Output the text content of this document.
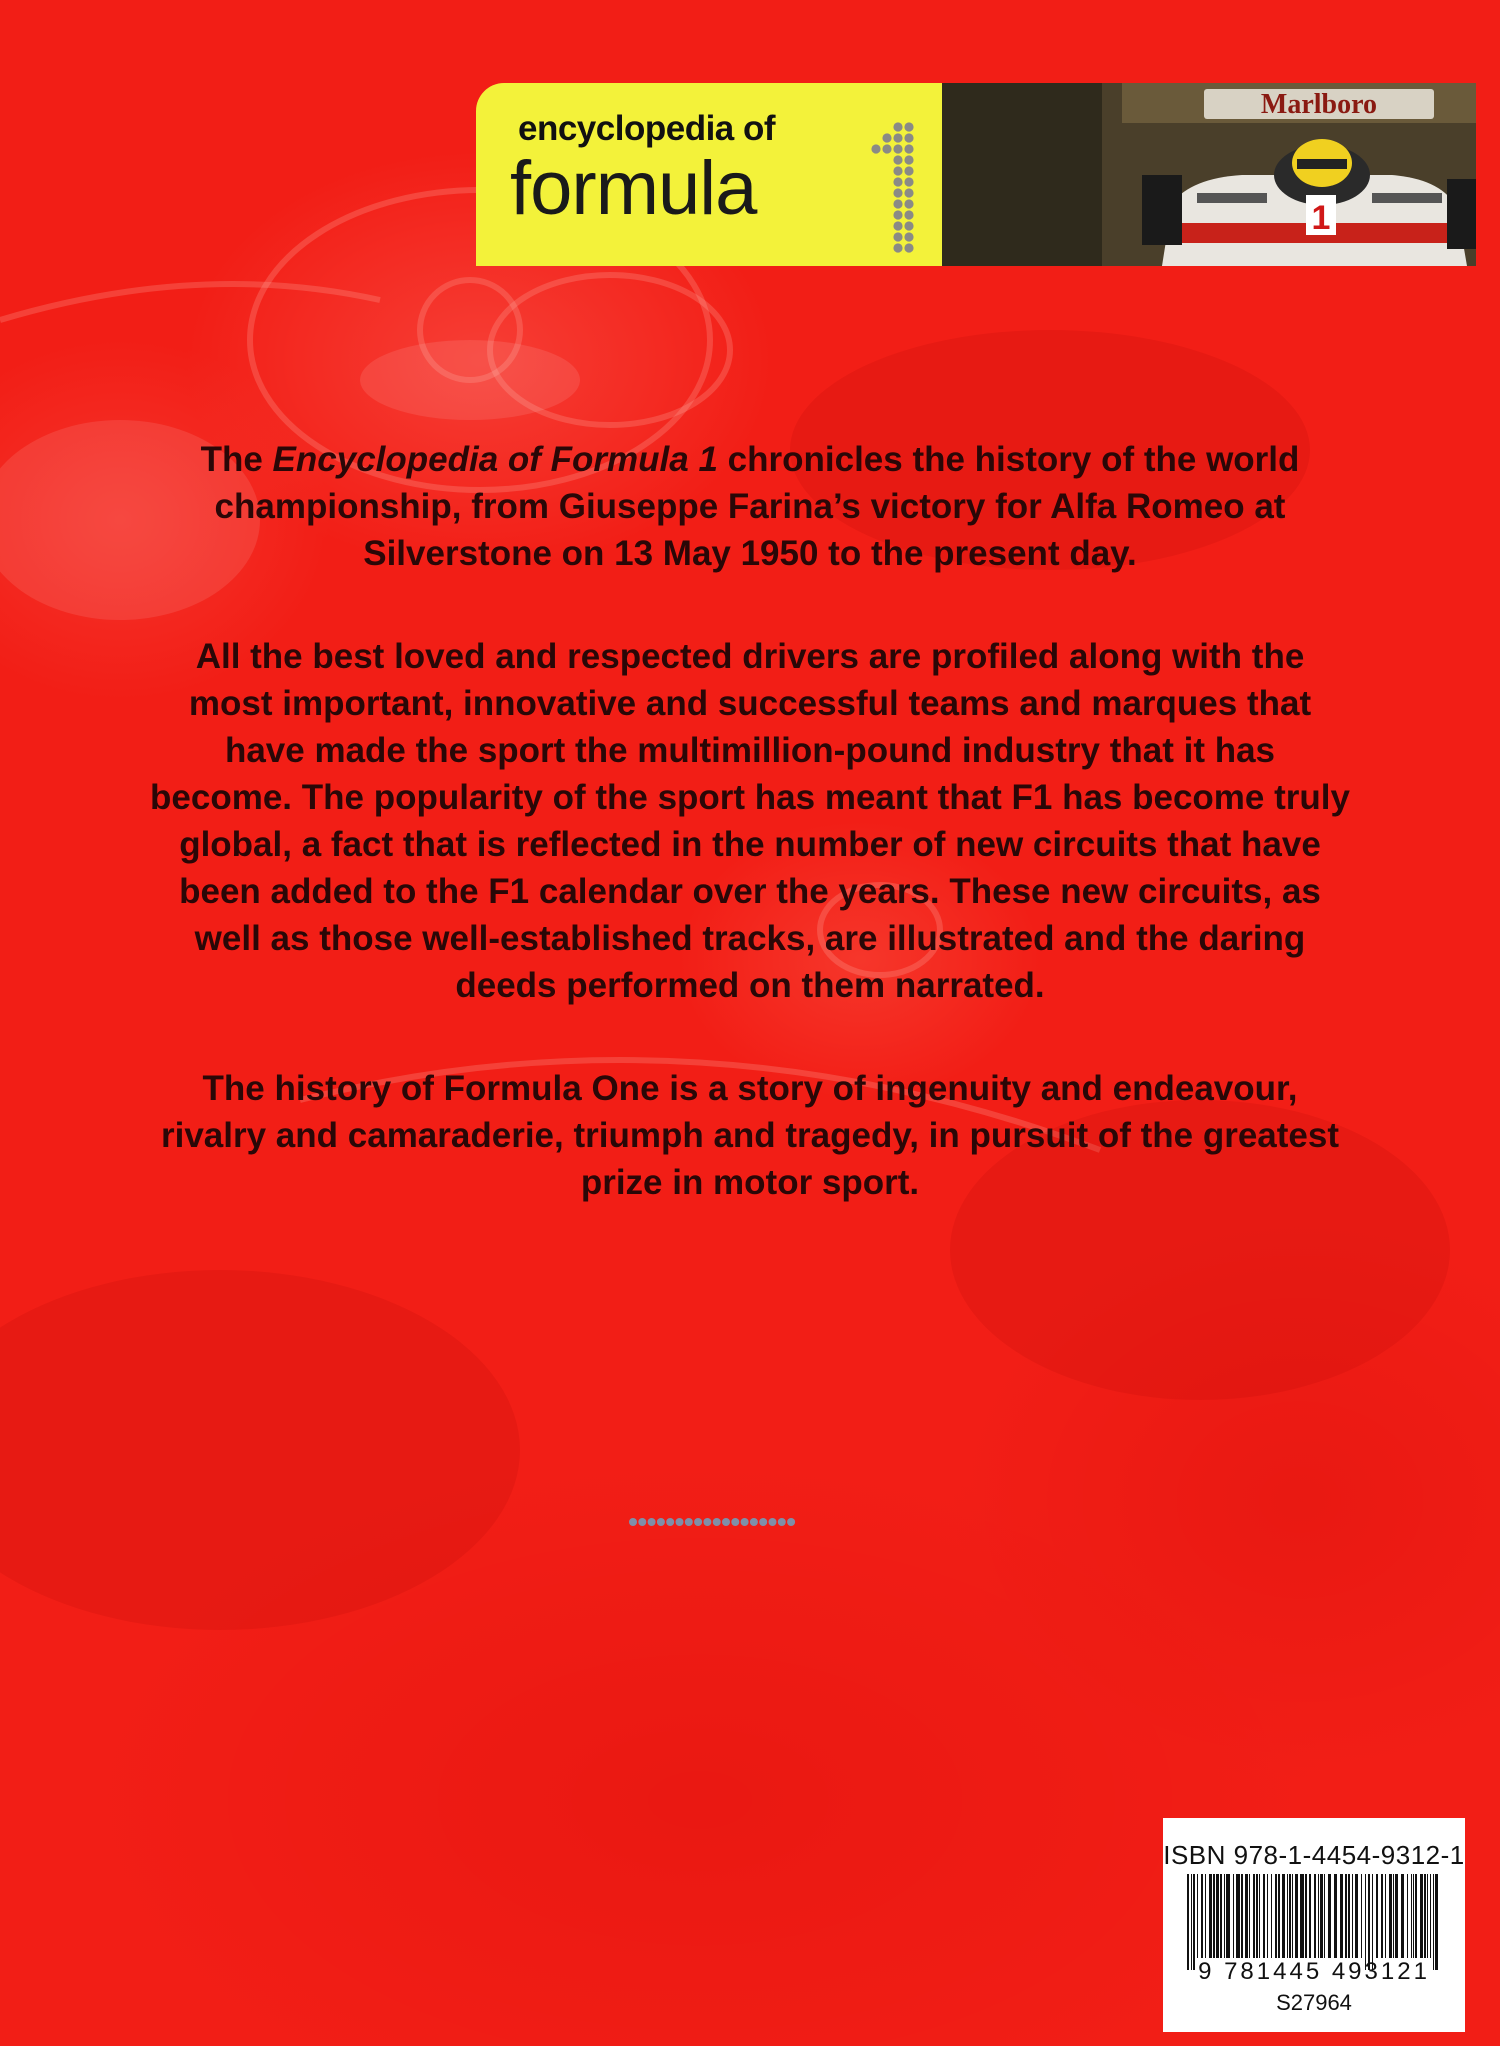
encyclopedia of
formula
Marlboro
1

The Encyclopedia of Formula 1 chronicles the history of the world championship, from Giuseppe Farina’s victory for Alfa Romeo at Silverstone on 13 May 1950 to the present day.

All the best loved and respected drivers are profiled along with the most important, innovative and successful teams and marques that have made the sport the multimillion-pound industry that it has become. The popularity of the sport has meant that F1 has become truly global, a fact that is reflected in the number of new circuits that have been added to the F1 calendar over the years. These new circuits, as well as those well-established tracks, are illustrated and the daring deeds performed on them narrated.

The history of Formula One is a story of ingenuity and endeavour, rivalry and camaraderie, triumph and tragedy, in pursuit of the greatest prize in motor sport.

ISBN 978-1-4454-9312-1
9 781445 493121
S27964
